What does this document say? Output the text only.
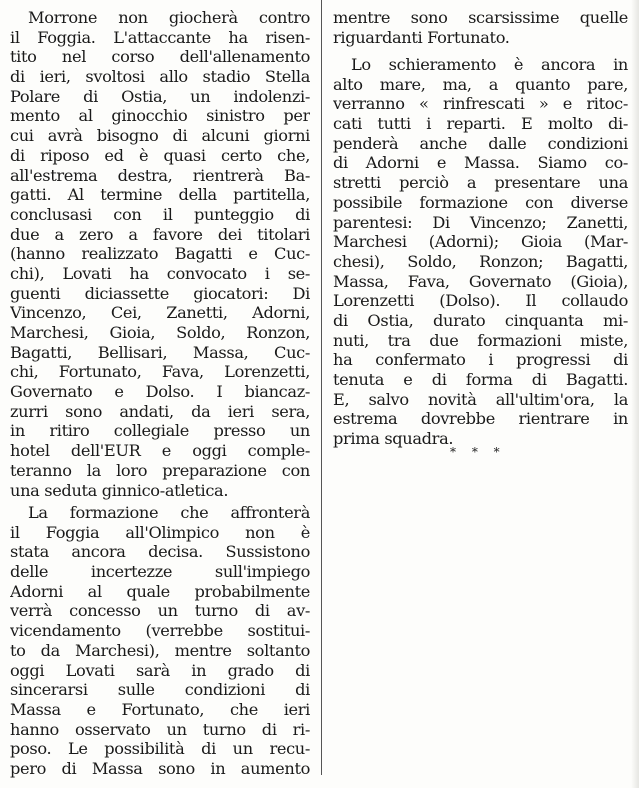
Morrone non giocherà contro
il Foggia. L'attaccante ha risen-
tito nel corso dell'allenamento
di ieri, svoltosi allo stadio Stella
Polare di Ostia, un indolenzi-
mento al ginocchio sinistro per
cui avrà bisogno di alcuni giorni
di riposo ed è quasi certo che,
all'estrema destra, rientrerà Ba-
gatti. Al termine della partitella,
conclusasi con il punteggio di
due a zero a favore dei titolari
(hanno realizzato Bagatti e Cuc-
chi), Lovati ha convocato i se-
guenti diciassette giocatori: Di
Vincenzo, Cei, Zanetti, Adorni,
Marchesi, Gioia, Soldo, Ronzon,
Bagatti, Bellisari, Massa, Cuc-
chi, Fortunato, Fava, Lorenzetti,
Governato e Dolso. I biancaz-
zurri sono andati, da ieri sera,
in ritiro collegiale presso un
hotel dell'EUR e oggi comple-
teranno la loro preparazione con
una seduta ginnico-atletica.
La formazione che affronterà
il Foggia all'Olimpico non è
stata ancora decisa. Sussistono
delle incertezze sull'impiego
Adorni al quale probabilmente
verrà concesso un turno di av-
vicendamento (verrebbe sostitui-
to da Marchesi), mentre soltanto
oggi Lovati sarà in grado di
sincerarsi sulle condizioni di
Massa e Fortunato, che ieri
hanno osservato un turno di ri-
poso. Le possibilità di un recu-
pero di Massa sono in aumento
mentre sono scarsissime quelle
riguardanti Fortunato.
Lo schieramento è ancora in
alto mare, ma, a quanto pare,
verranno « rinfrescati » e ritoc-
cati tutti i reparti. E molto di-
penderà anche dalle condizioni
di Adorni e Massa. Siamo co-
stretti perciò a presentare una
possibile formazione con diverse
parentesi: Di Vincenzo; Zanetti,
Marchesi (Adorni); Gioia (Mar-
chesi), Soldo, Ronzon; Bagatti,
Massa, Fava, Governato (Gioia),
Lorenzetti (Dolso). Il collaudo
di Ostia, durato cinquanta mi-
nuti, tra due formazioni miste,
ha confermato i progressi di
tenuta e di forma di Bagatti.
E, salvo novità all'ultim'ora, la
estrema dovrebbe rientrare in
prima squadra.
* * *
